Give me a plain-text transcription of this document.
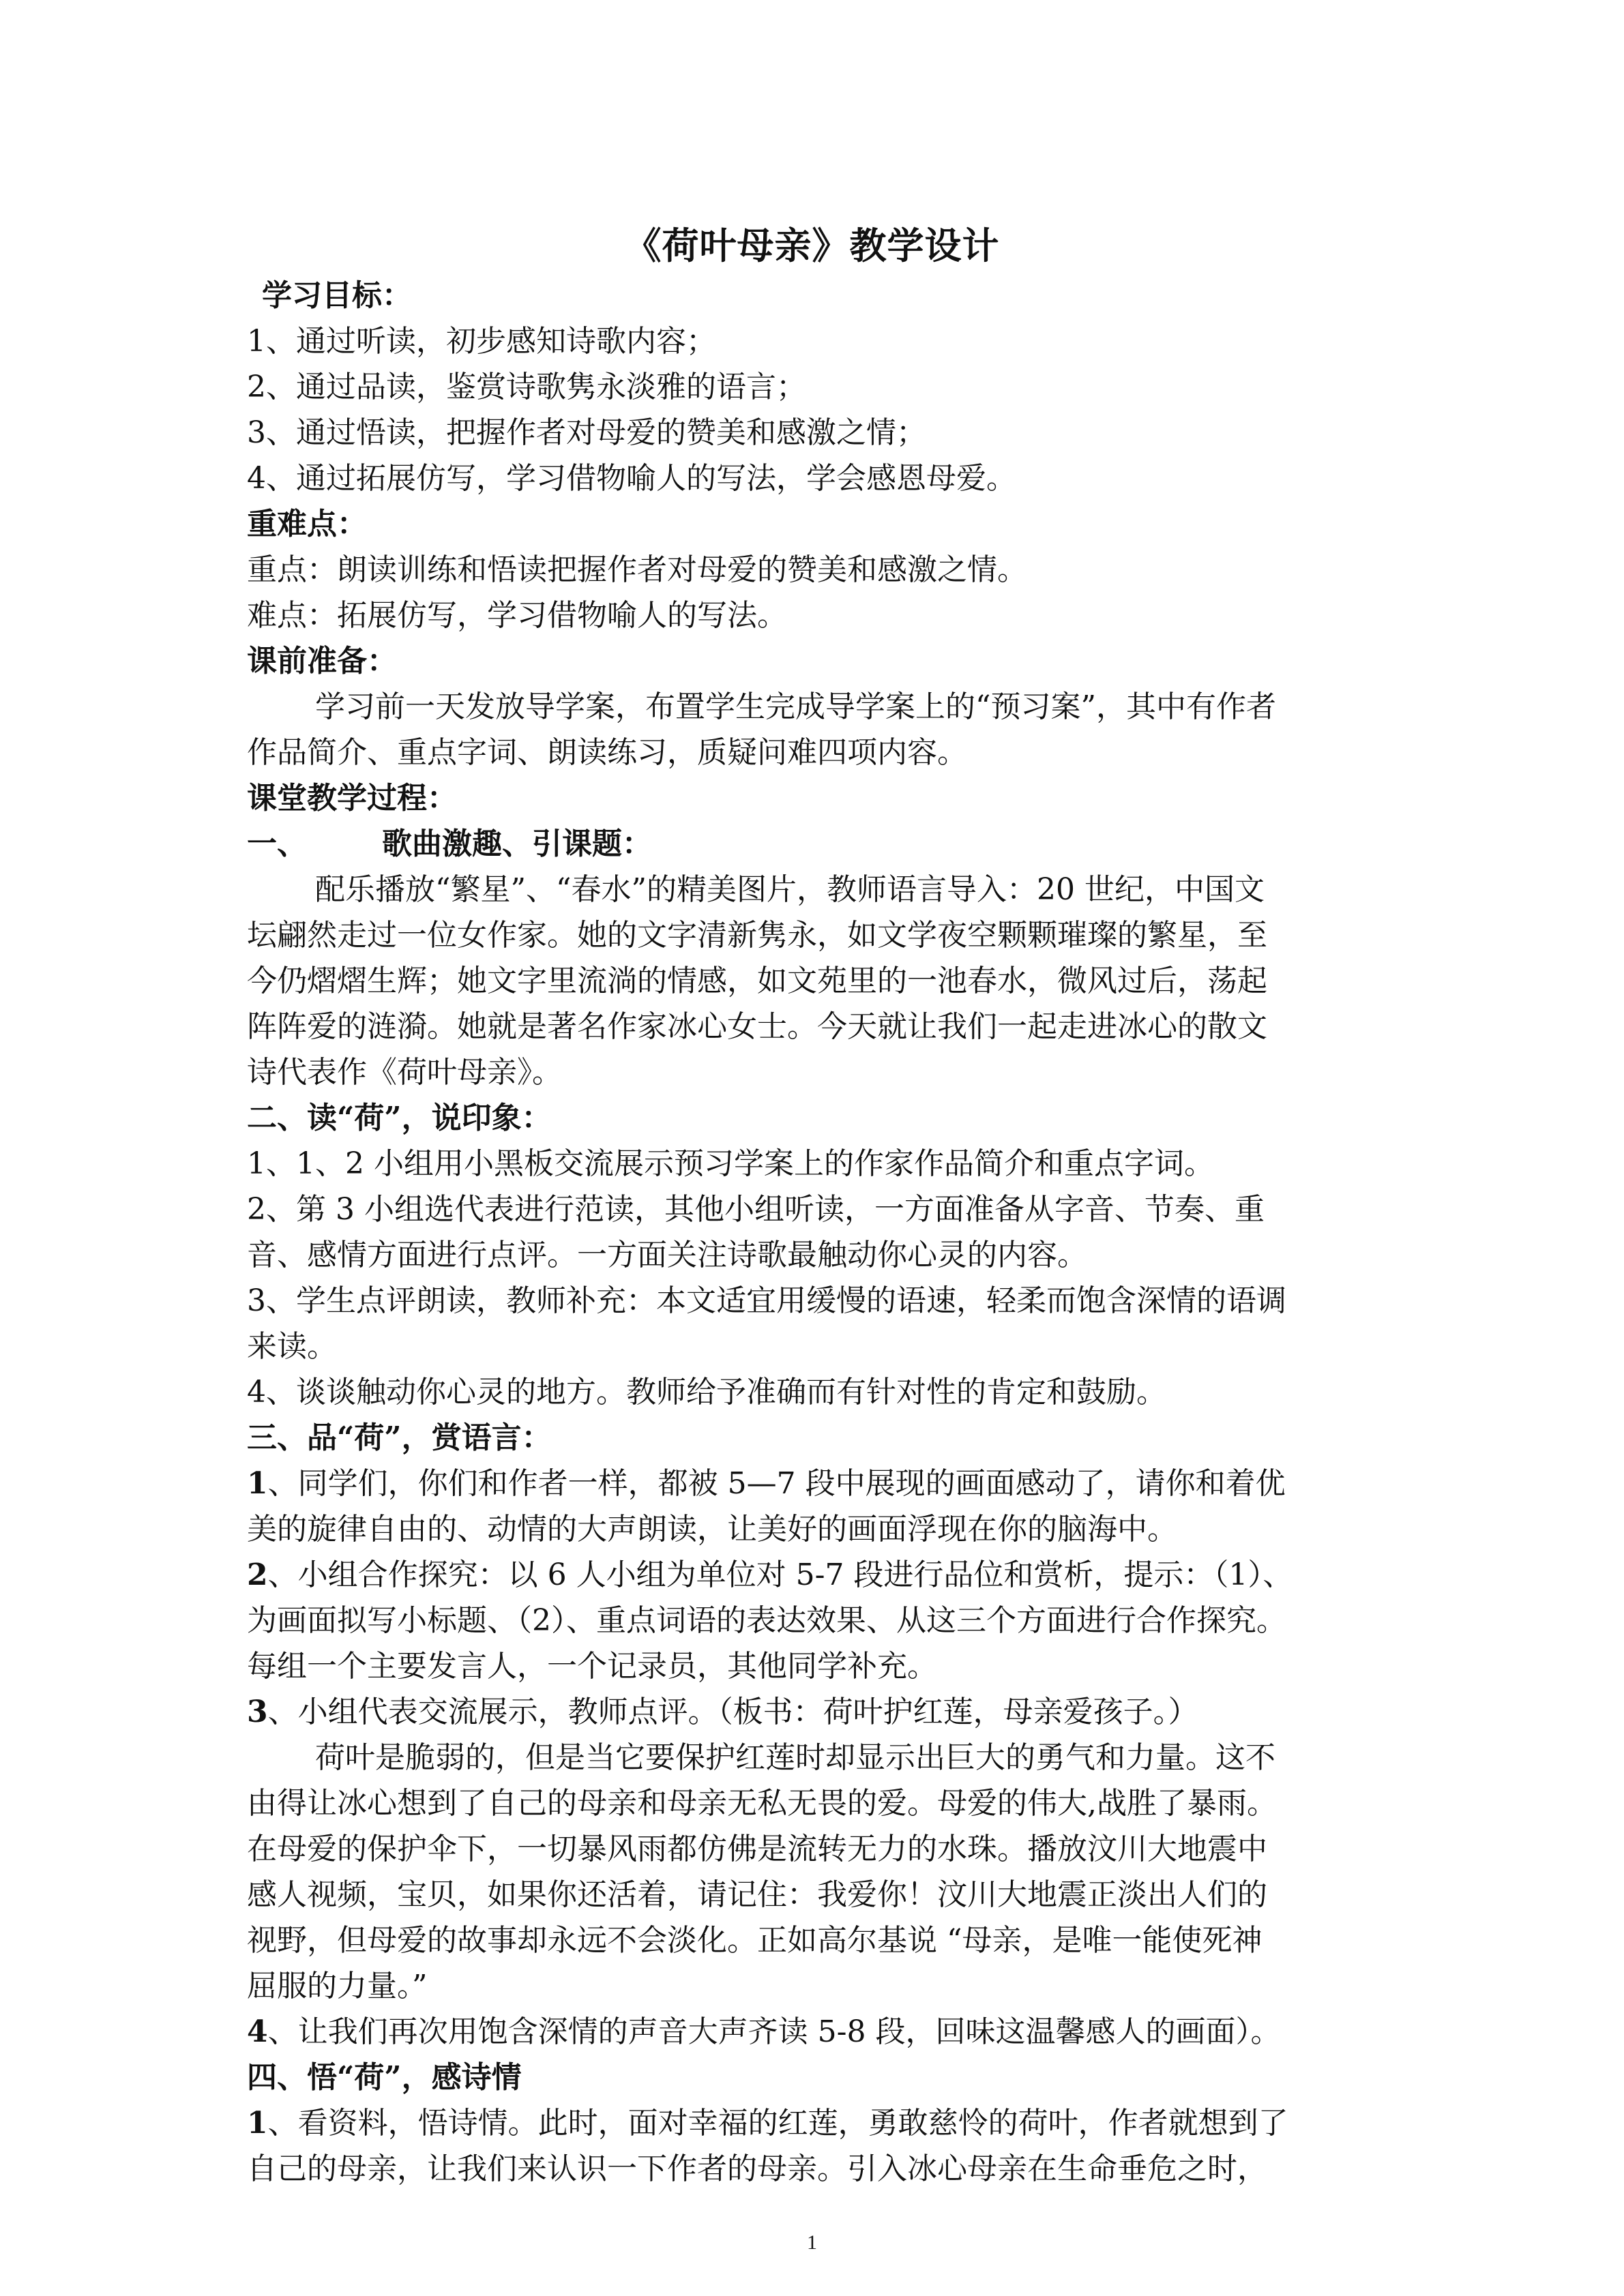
《荷叶母亲》教学设计
学习目标：
1、通过听读，初步感知诗歌内容；
2、通过品读，鉴赏诗歌隽永淡雅的语言；
3、通过悟读，把握作者对母爱的赞美和感激之情；
4、通过拓展仿写，学习借物喻人的写法，学会感恩母爱。
重难点：
重点：朗读训练和悟读把握作者对母爱的赞美和感激之情。
难点：拓展仿写，学习借物喻人的写法。
课前准备：
学习前一天发放导学案，布置学生完成导学案上的“预习案”，其中有作者
作品简介、重点字词、朗读练习，质疑问难四项内容。
课堂教学过程：
一、	歌曲激趣、引课题：
配乐播放“繁星”、“春水”的精美图片，教师语言导入：20 世纪，中国文
坛翩然走过一位女作家。她的文字清新隽永，如文学夜空颗颗璀璨的繁星，至
今仍熠熠生辉；她文字里流淌的情感，如文苑里的一池春水，微风过后，荡起
阵阵爱的涟漪。她就是著名作家冰心女士。今天就让我们一起走进冰心的散文
诗代表作《荷叶母亲》。
二、读“荷”，说印象：
1、1、2 小组用小黑板交流展示预习学案上的作家作品简介和重点字词。
2、第 3 小组选代表进行范读，其他小组听读，一方面准备从字音、节奏、重
音、感情方面进行点评。一方面关注诗歌最触动你心灵的内容。
3、学生点评朗读，教师补充：本文适宜用缓慢的语速，轻柔而饱含深情的语调
来读。
4、谈谈触动你心灵的地方。教师给予准确而有针对性的肯定和鼓励。
三、品“荷”，赏语言：
1、同学们，你们和作者一样，都被 5—7 段中展现的画面感动了，请你和着优
美的旋律自由的、动情的大声朗读，让美好的画面浮现在你的脑海中。
2、小组合作探究：以 6 人小组为单位对 5-7 段进行品位和赏析，提示：（1）、
为画面拟写小标题、（2）、重点词语的表达效果、从这三个方面进行合作探究。
每组一个主要发言人，一个记录员，其他同学补充。
3、小组代表交流展示，教师点评。（板书：荷叶护红莲，母亲爱孩子。）
荷叶是脆弱的，但是当它要保护红莲时却显示出巨大的勇气和力量。这不
由得让冰心想到了自己的母亲和母亲无私无畏的爱。母爱的伟大,战胜了暴雨。
在母爱的保护伞下，一切暴风雨都仿佛是流转无力的水珠。播放汶川大地震中
感人视频，宝贝，如果你还活着，请记住：我爱你！汶川大地震正淡出人们的
视野，但母爱的故事却永远不会淡化。正如高尔基说 “母亲，是唯一能使死神
屈服的力量。”
4、让我们再次用饱含深情的声音大声齐读 5-8 段，回味这温馨感人的画面）。
四、悟“荷”，感诗情
1、看资料，悟诗情。此时，面对幸福的红莲，勇敢慈怜的荷叶，作者就想到了
自己的母亲，让我们来认识一下作者的母亲。引入冰心母亲在生命垂危之时，
1
